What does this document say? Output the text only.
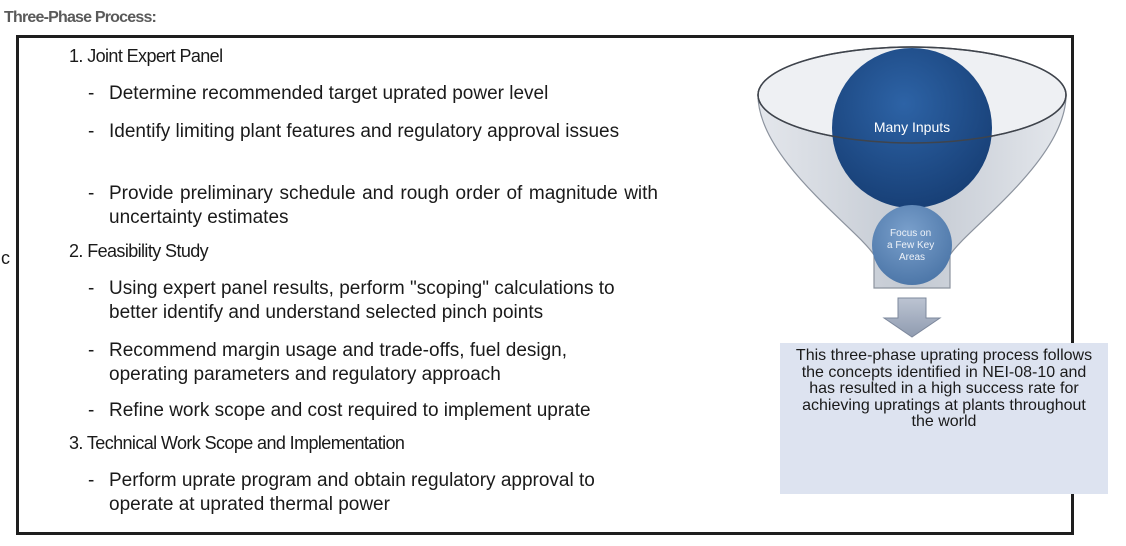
Three-Phase Process:
c
1. Joint Expert Panel
- Determine recommended target uprated power level
- Identify limiting plant features and regulatory approval issues
- Provide preliminary schedule and rough order of magnitude with uncertainty estimates
2. Feasibility Study
- Using expert panel results, perform "scoping" calculations to better identify and understand selected pinch points
- Recommend margin usage and trade-offs, fuel design, operating parameters and regulatory approach
- Refine work scope and cost required to implement uprate
3. Technical Work Scope and Implementation
- Perform uprate program and obtain regulatory approval to operate at uprated thermal power
Many Inputs
Focus on a Few Key Areas
This three-phase uprating process follows the concepts identified in NEI-08-10 and has resulted in a high success rate for achieving upratings at plants throughout the world
